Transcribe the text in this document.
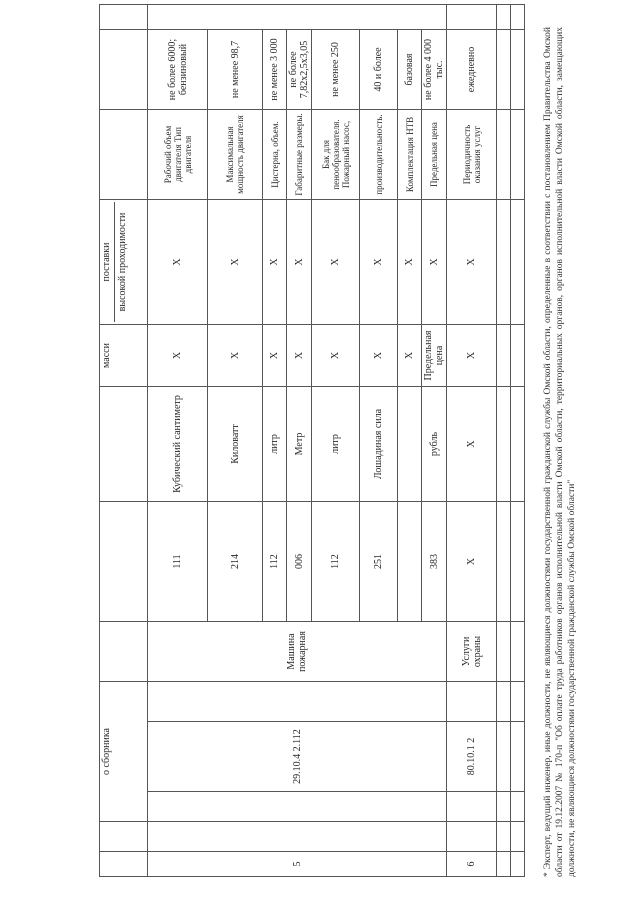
		о сборника						масси	поставки высокой проходимости			

5			29.10.4 2.112		Машина пожарная	111	Кубический сантиметр	X	X	Рабочий объем двигателя Тип двигателя	не более 6000; бензиновый	
						214	Киловатт	X	X	Максимальная мощность двигателя	не менее 98,7	
						112	литр	X	X	Цистерна, объем.	не менее 3 000	
						006	Метр	X	X	Габаритные размеры.	не более 7,82х2,5х3,05	
						112	литр	X	X	Бак для пенообразователя. Пожарный насос,	не менее 250	
						251	Лошадиная сила	X	X	производительность.	40 и более	
								X	X	Комплектация НТВ	базовая	
						383	рубль	Предельная цена	X	Предельная цена	не более 4 000 тыс.	
6			80.10.1 2		Услуги охраны	X	X	X	X	Периодичность оказания услуг	ежедневно	

													* Эксперт, ведущий инженер, иные должности, не являющиеся должностями государственной гражданской службы Омской области, определенные в соответствии с постановлением Правительства Омской области от 19.12.2007 № 170-п "Об оплате труда работников органов исполнительной власти Омской области, территориальных органов, органов исполнительной власти Омской области, замещающих должности, не являющиеся должностями государственной гражданской службы Омской области"
